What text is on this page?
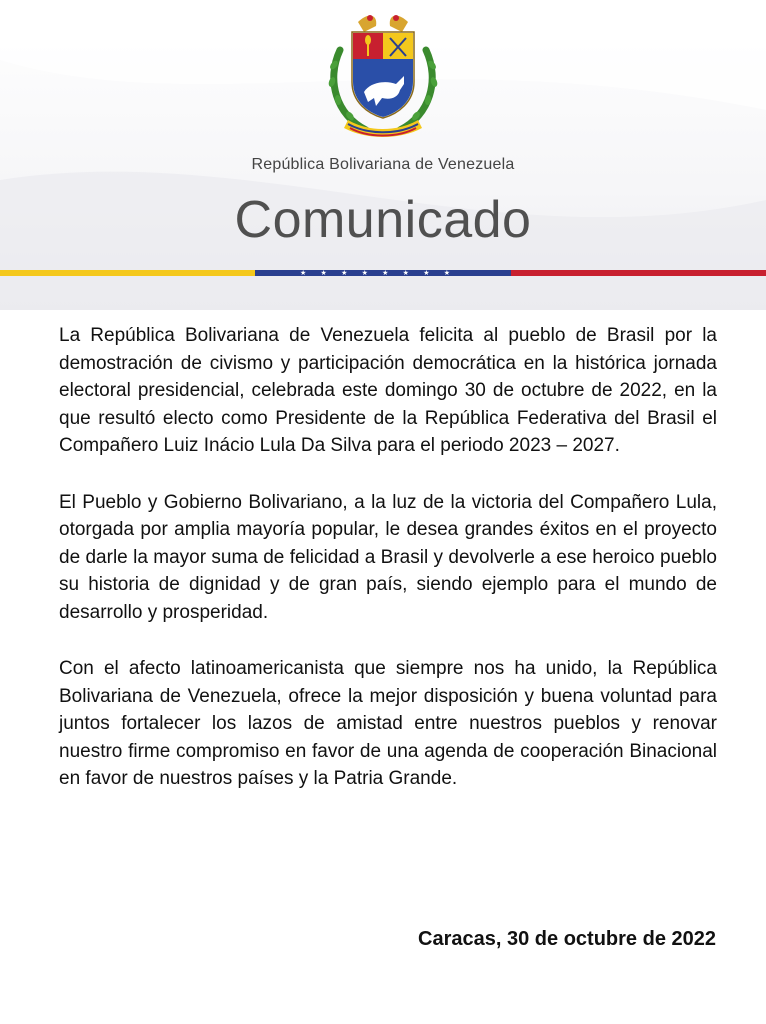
República Bolivariana de Venezuela
Comunicado
★ ★ ★ ★ ★ ★ ★ ★

La República Bolivariana de Venezuela felicita al pueblo de Brasil por la demostración de civismo y participación democrática en la histórica jornada electoral presidencial, celebrada este domingo 30 de octubre de 2022, en la que resultó electo como Presidente de la República Federativa del Brasil el Compañero Luiz Inácio Lula Da Silva para el periodo 2023 – 2027.

El Pueblo y Gobierno Bolivariano, a la luz de la victoria del Compañero Lula, otorgada por amplia mayoría popular, le desea grandes éxitos en el proyecto de darle la mayor suma de felicidad a Brasil y devolverle a ese heroico pueblo su historia de dignidad y de gran país, siendo ejemplo para el mundo de desarrollo y prosperidad.

Con el afecto latinoamericanista que siempre nos ha unido, la República Bolivariana de Venezuela, ofrece la mejor disposición y buena voluntad para juntos fortalecer los lazos de amistad entre nuestros pueblos y renovar nuestro firme compromiso en favor de una agenda de cooperación Binacional en favor de nuestros países y la Patria Grande.

Caracas, 30 de octubre de 2022
